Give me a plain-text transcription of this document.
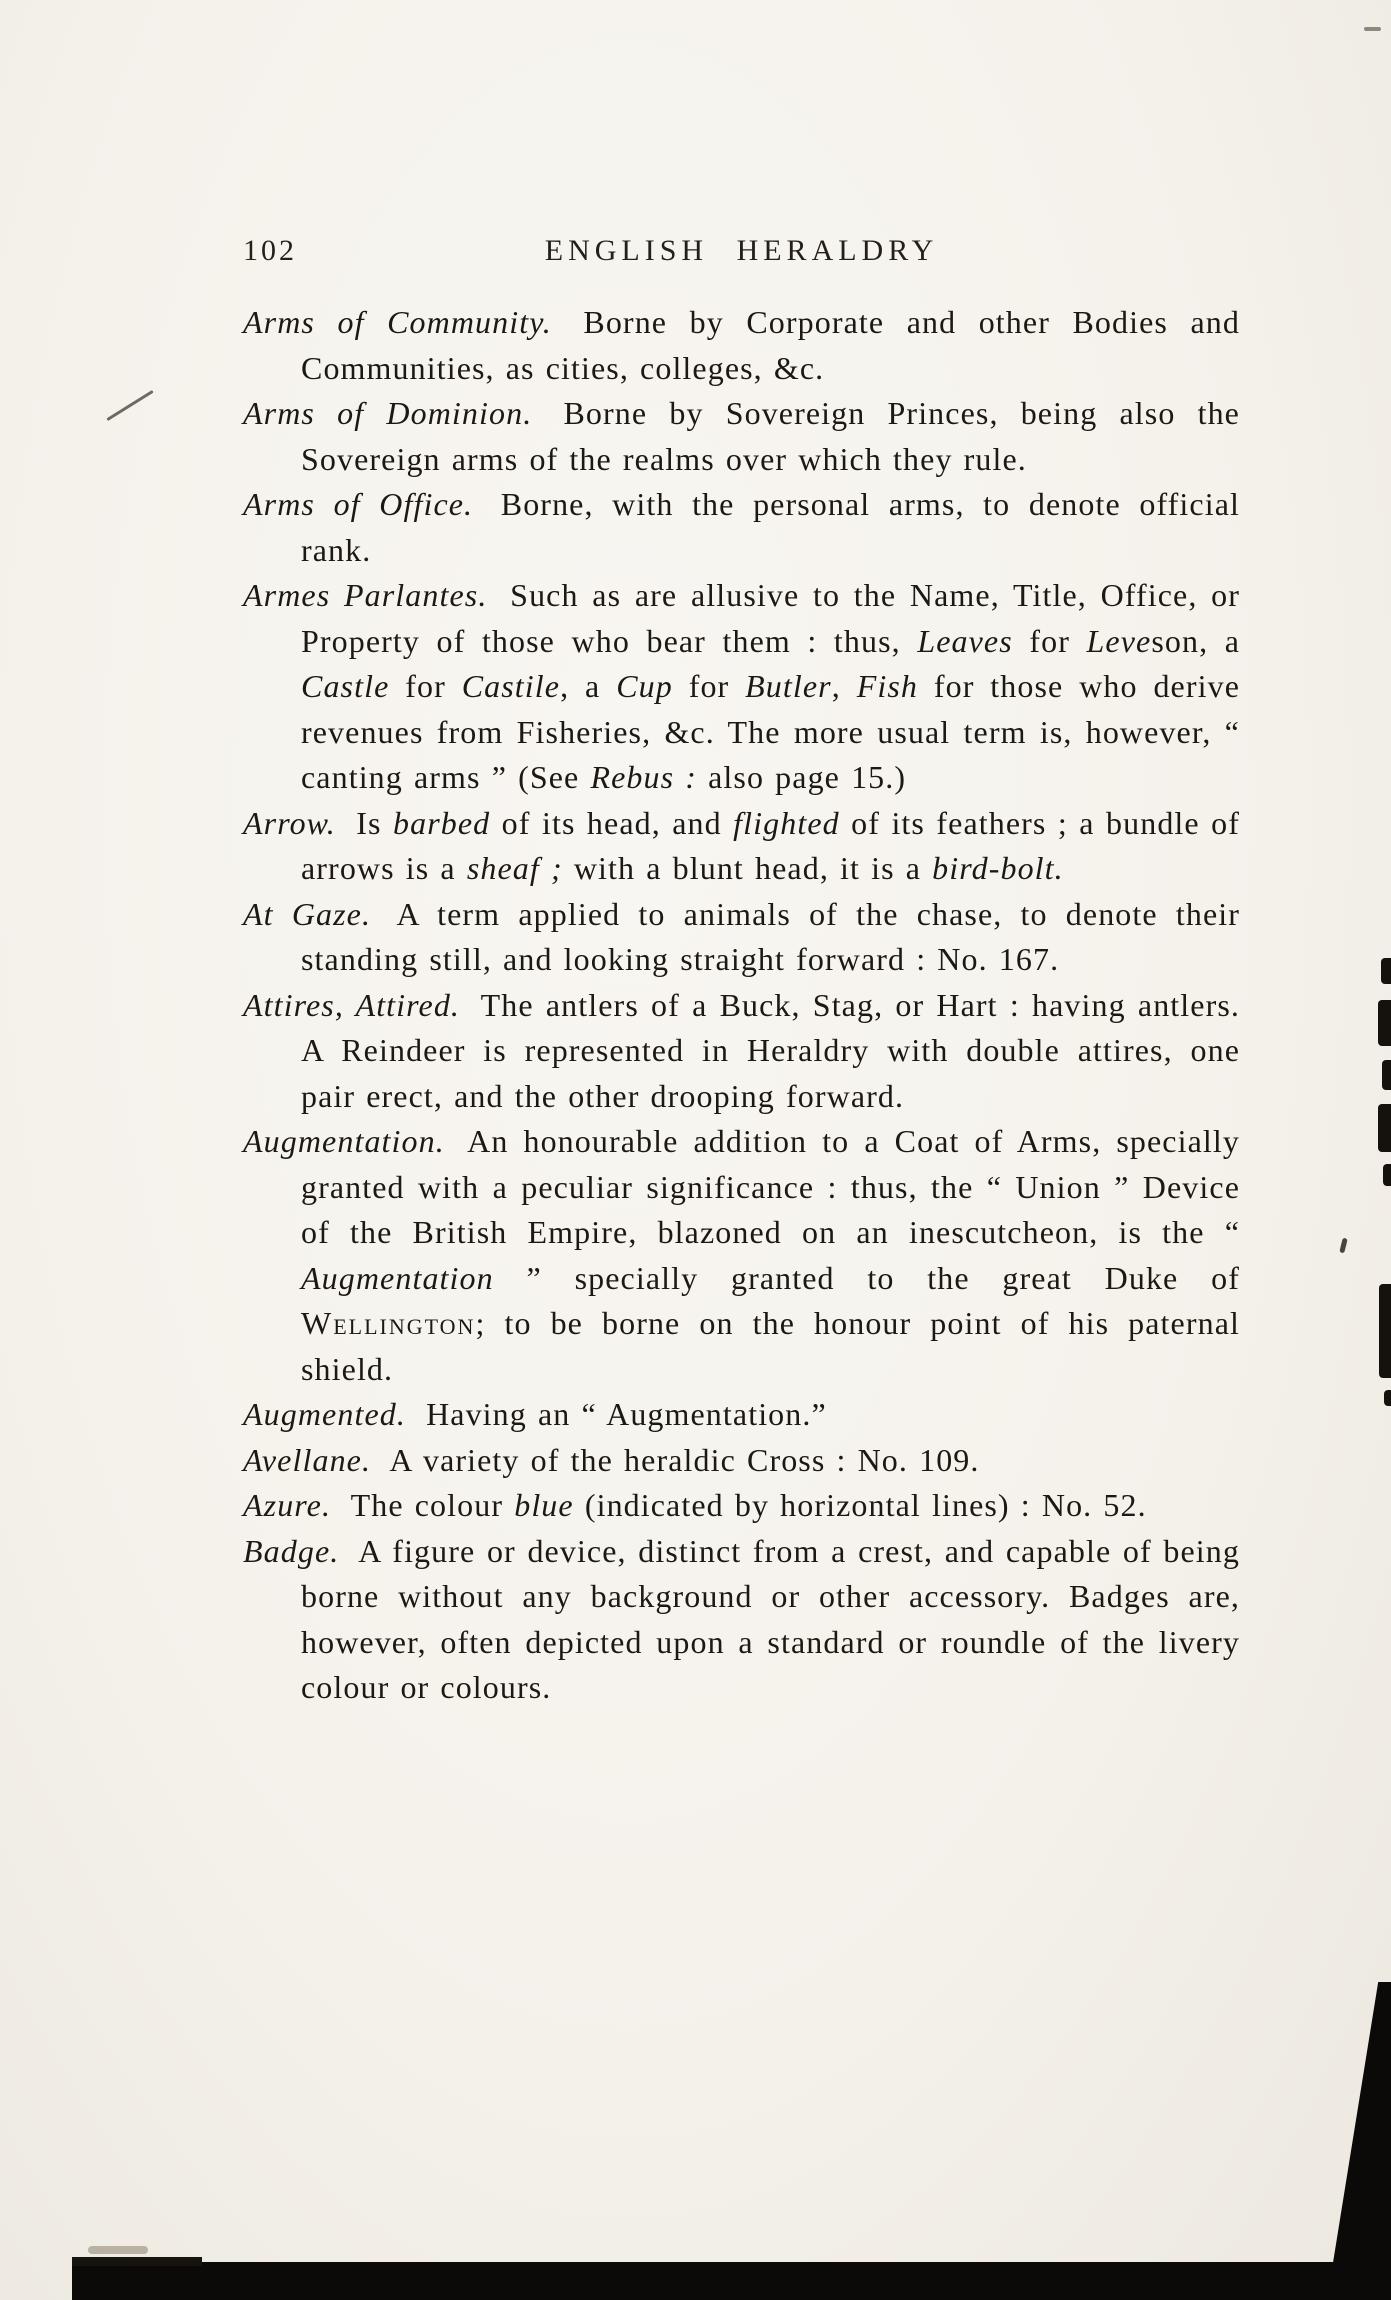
102	ENGLISH HERALDRY

Arms of Community. Borne by Corporate and other Bodies and Communities, as cities, colleges, &c.

Arms of Dominion. Borne by Sovereign Princes, being also the Sovereign arms of the realms over which they rule.

Arms of Office. Borne, with the personal arms, to denote official rank.

Armes Parlantes. Such as are allusive to the Name, Title, Office, or Property of those who bear them : thus, Leaves for Leveson, a Castle for Castile, a Cup for Butler, Fish for those who derive revenues from Fisheries, &c. The more usual term is, however, “ canting arms ” (See Rebus : also page 15.)

Arrow. Is barbed of its head, and flighted of its feathers ; a bundle of arrows is a sheaf ; with a blunt head, it is a bird-bolt.

At Gaze. A term applied to animals of the chase, to denote their standing still, and looking straight forward : No. 167.

Attires, Attired. The antlers of a Buck, Stag, or Hart : having antlers. A Reindeer is represented in Heraldry with double attires, one pair erect, and the other drooping forward.

Augmentation. An honourable addition to a Coat of Arms, specially granted with a peculiar significance : thus, the “ Union ” Device of the British Empire, blazoned on an inescutcheon, is the “ Augmentation ” specially granted to the great Duke of Wellington; to be borne on the honour point of his paternal shield.

Augmented. Having an “ Augmentation.”

Avellane. A variety of the heraldic Cross : No. 109.

Azure. The colour blue (indicated by horizontal lines) : No. 52.

Badge. A figure or device, distinct from a crest, and capable of being borne without any background or other accessory. Badges are, however, often depicted upon a standard or roundle of the livery colour or colours.
